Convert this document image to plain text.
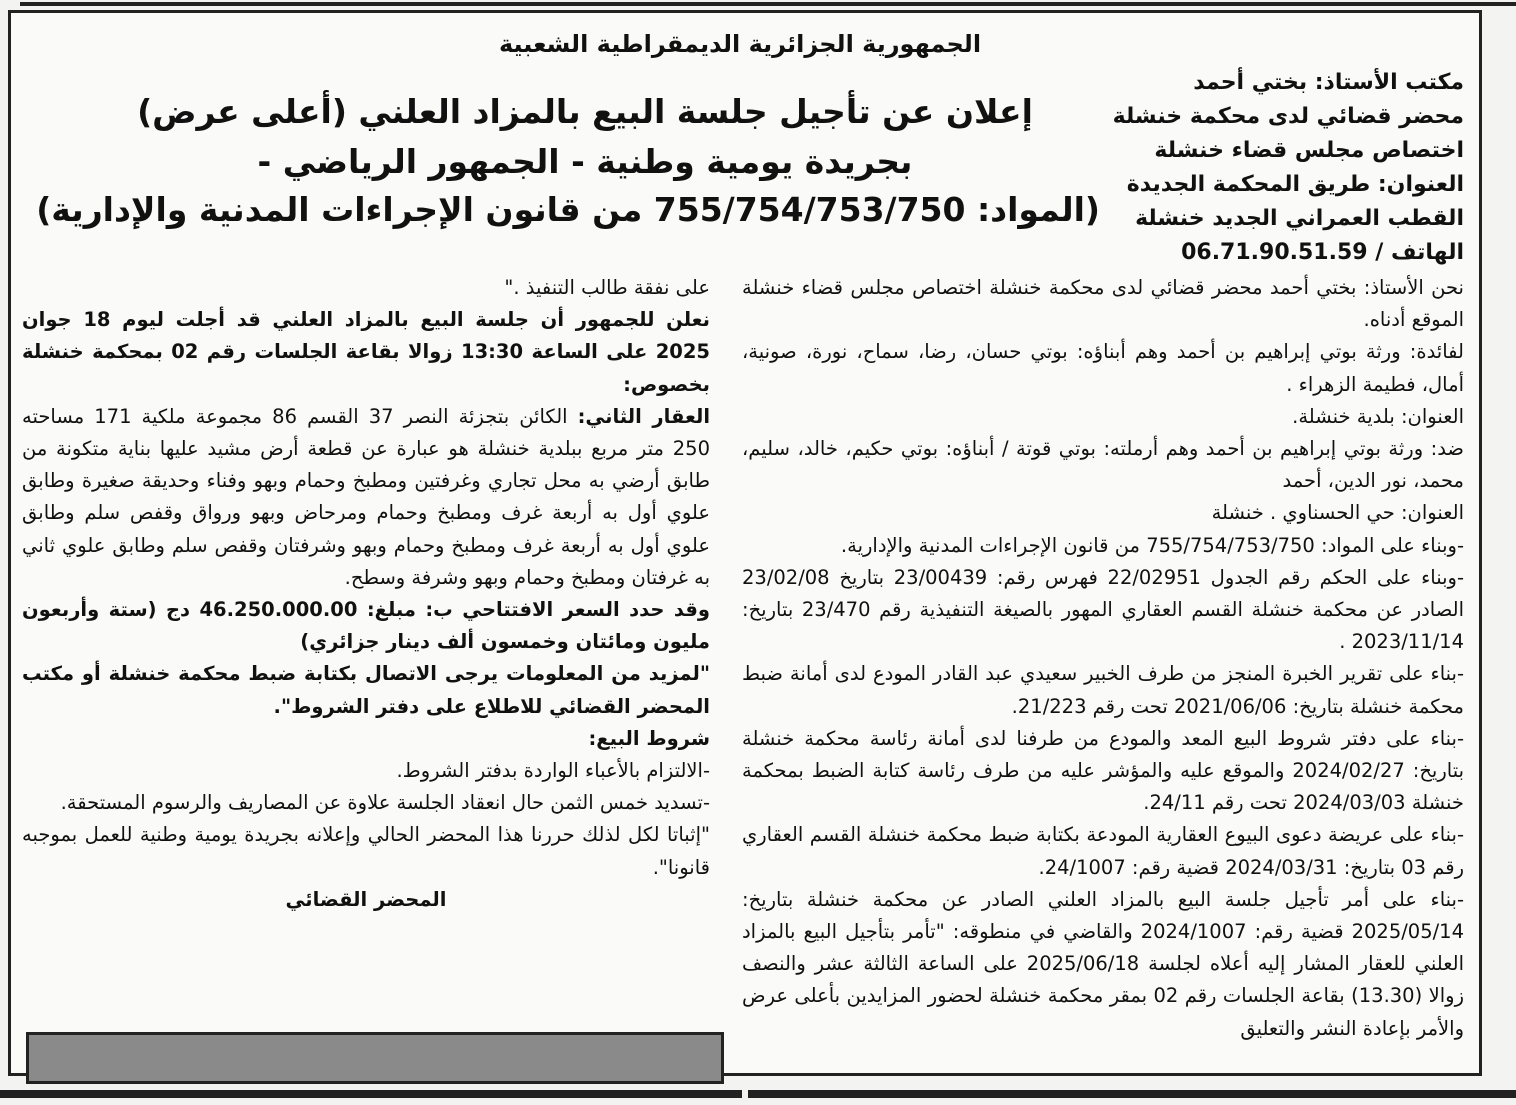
الجمهورية الجزائرية الديمقراطية الشعبية
إعلان عن تأجيل جلسة البيع بالمزاد العلني (أعلى عرض)
بجريدة يومية وطنية - الجمهور الرياضي -
(المواد: 755/754/753/750 من قانون الإجراءات المدنية والإدارية)
مكتب الأستاذ: بختي أحمد
محضر قضائي لدى محكمة خنشلة
اختصاص مجلس قضاء خنشلة
العنوان: طريق المحكمة الجديدة
القطب العمراني الجديد خنشلة
الهاتف / 06.71.90.51.59

نحن الأستاذ: بختي أحمد محضر قضائي لدى محكمة خنشلة اختصاص مجلس قضاء خنشلة الموقع أدناه.

لفائدة: ورثة بوتي إبراهيم بن أحمد وهم أبناؤه: بوتي حسان، رضا، سماح، نورة، صونية، أمال، فطيمة الزهراء .

العنوان: بلدية خنشلة.

ضد: ورثة بوتي إبراهيم بن أحمد وهم أرملته: بوتي قوتة / أبناؤه: بوتي حكيم، خالد، سليم، محمد، نور الدين، أحمد

العنوان: حي الحسناوي . خنشلة

-وبناء على المواد: 755/754/753/750 من قانون الإجراءات المدنية والإدارية.

-وبناء على الحكم رقم الجدول 22/02951 فهرس رقم: 23/00439 بتاريخ 23/02/08 الصادر عن محكمة خنشلة القسم العقاري المهور بالصيغة التنفيذية رقم 23/470 بتاريخ: 2023/11/14 .

-بناء على تقرير الخبرة المنجز من طرف الخبير سعيدي عبد القادر المودع لدى أمانة ضبط محكمة خنشلة بتاريخ: 2021/06/06 تحت رقم 21/223.

-بناء على دفتر شروط البيع المعد والمودع من طرفنا لدى أمانة رئاسة محكمة خنشلة بتاريخ: 2024/02/27 والموقع عليه والمؤشر عليه من طرف رئاسة كتابة الضبط بمحكمة خنشلة 2024/03/03 تحت رقم 24/11.

-بناء على عريضة دعوى البيوع العقارية المودعة بكتابة ضبط محكمة خنشلة القسم العقاري رقم 03 بتاريخ: 2024/03/31 قضية رقم: 24/1007.

-بناء على أمر تأجيل جلسة البيع بالمزاد العلني الصادر عن محكمة خنشلة بتاريخ: 2025/05/14 قضية رقم: 2024/1007 والقاضي في منطوقه: "تأمر بتأجيل البيع بالمزاد العلني للعقار المشار إليه أعلاه لجلسة 2025/06/18 على الساعة الثالثة عشر والنصف زوالا (13.30) بقاعة الجلسات رقم 02 بمقر محكمة خنشلة لحضور المزايدين بأعلى عرض والأمر بإعادة النشر والتعليق

على نفقة طالب التنفيذ ."

نعلن للجمهور أن جلسة البيع بالمزاد العلني قد أجلت ليوم 18 جوان 2025 على الساعة 13:30 زوالا بقاعة الجلسات رقم 02 بمحكمة خنشلة بخصوص:

العقار الثاني: الكائن بتجزئة النصر 37 القسم 86 مجموعة ملكية 171 مساحته 250 متر مربع ببلدية خنشلة هو عبارة عن قطعة أرض مشيد عليها بناية متكونة من طابق أرضي به محل تجاري وغرفتين ومطبخ وحمام وبهو وفناء وحديقة صغيرة وطابق علوي أول به أربعة غرف ومطبخ وحمام ومرحاض وبهو ورواق وقفص سلم وطابق علوي أول به أربعة غرف ومطبخ وحمام وبهو وشرفتان وقفص سلم وطابق علوي ثاني به غرفتان ومطبخ وحمام وبهو وشرفة وسطح.

وقد حدد السعر الافتتاحي ب: مبلغ: 46.250.000.00 دج (ستة وأربعون مليون ومائتان وخمسون ألف دينار جزائري)

"لمزيد من المعلومات يرجى الاتصال بكتابة ضبط محكمة خنشلة أو مكتب المحضر القضائي للاطلاع على دفتر الشروط".

شروط البيع:

-الالتزام بالأعباء الواردة بدفتر الشروط.

-تسديد خمس الثمن حال انعقاد الجلسة علاوة عن المصاريف والرسوم المستحقة.

"إثباتا لكل لذلك حررنا هذا المحضر الحالي وإعلانه بجريدة يومية وطنية للعمل بموجبه قانونا".

المحضر القضائي
